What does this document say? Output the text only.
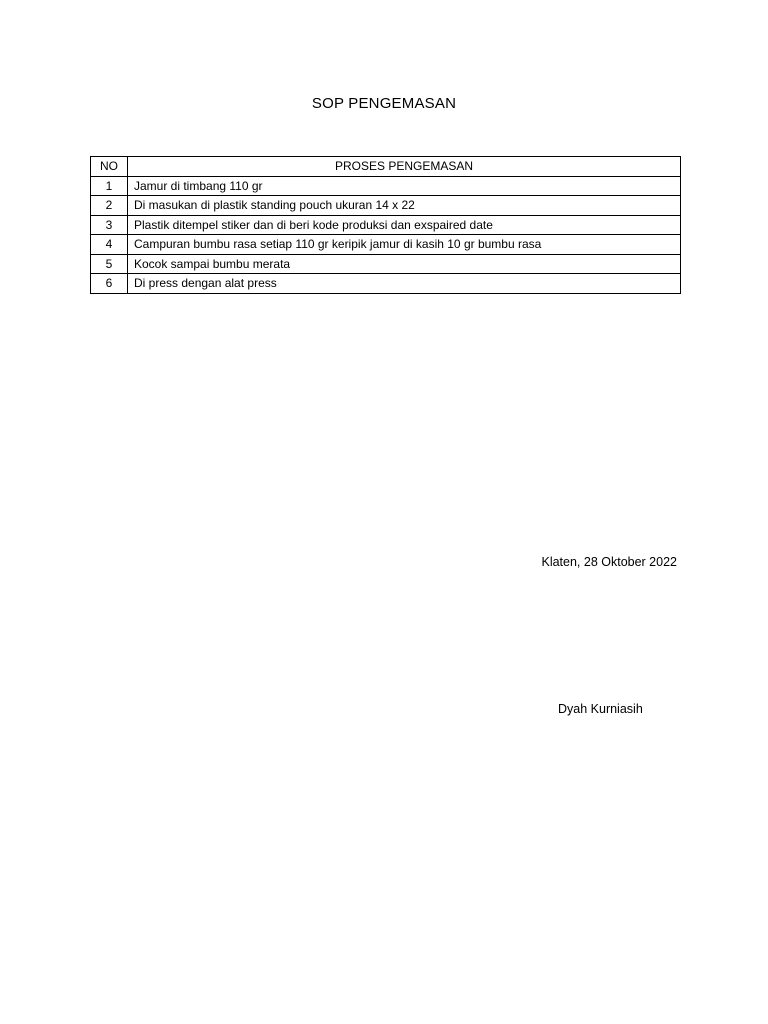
SOP PENGEMASAN
NO	PROSES PENGEMASAN
1	Jamur di timbang 110 gr
2	Di masukan di plastik standing pouch ukuran 14 x 22
3	Plastik ditempel stiker dan di beri kode produksi dan exspaired date
4	Campuran bumbu rasa setiap 110 gr keripik jamur di kasih 10 gr bumbu rasa
5	Kocok sampai bumbu merata
6	Di press dengan alat press
Klaten, 28 Oktober 2022
Dyah Kurniasih
